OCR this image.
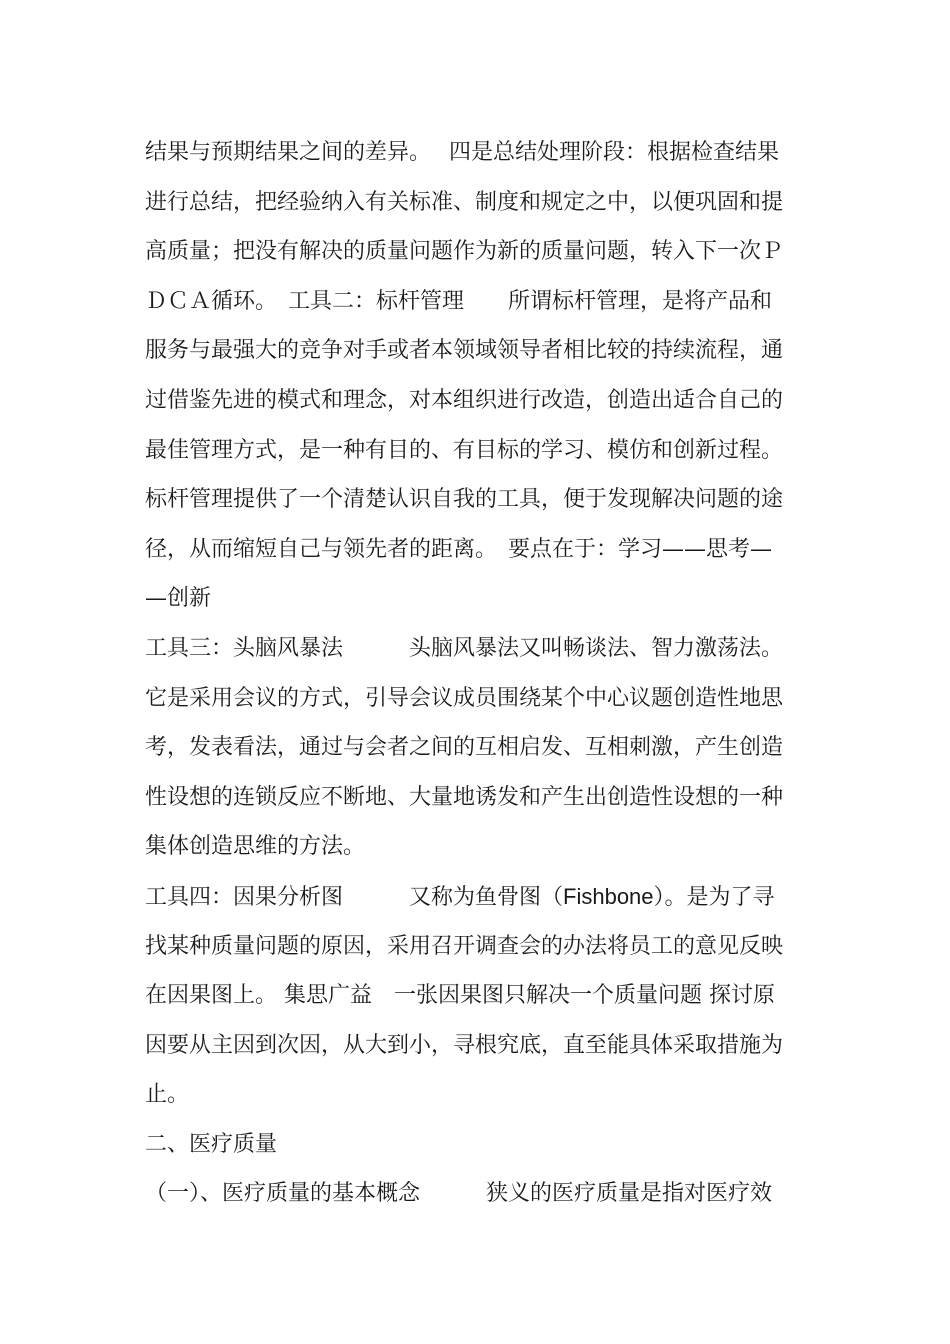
结果与预期结果之间的差异。　 四是总结处理阶段：根据检查结果
进行总结，把经验纳入有关标准、制度和规定之中，以便巩固和提
高质量；把没有解决的质量问题作为新的质量问题，转入下一次Ｐ
ＤＣＡ循环。　工具二：标杆管理　　所谓标杆管理，是将产品和
服务与最强大的竞争对手或者本领域领导者相比较的持续流程，通
过借鉴先进的模式和理念，对本组织进行改造，创造出适合自己的
最佳管理方式，是一种有目的、有目标的学习、模仿和创新过程。
标杆管理提供了一个清楚认识自我的工具，便于发现解决问题的途
径，从而缩短自己与领先者的距离。　要点在于：学习——思考—
—创新
工具三：头脑风暴法　　　头脑风暴法又叫畅谈法、智力激荡法。
它是采用会议的方式，引导会议成员围绕某个中心议题创造性地思
考，发表看法，通过与会者之间的互相启发、互相刺激，产生创造
性设想的连锁反应不断地、大量地诱发和产生出创造性设想的一种
集体创造思维的方法。
工具四：因果分析图　　　又称为鱼骨图（Fishbone）。是为了寻
找某种质量问题的原因，采用召开调查会的办法将员工的意见反映
在因果图上。 集思广益　一张因果图只解决一个质量问题 探讨原
因要从主因到次因，从大到小，寻根究底，直至能具体采取措施为
止。
二、医疗质量
（一）、医疗质量的基本概念　　　狭义的医疗质量是指对医疗效
